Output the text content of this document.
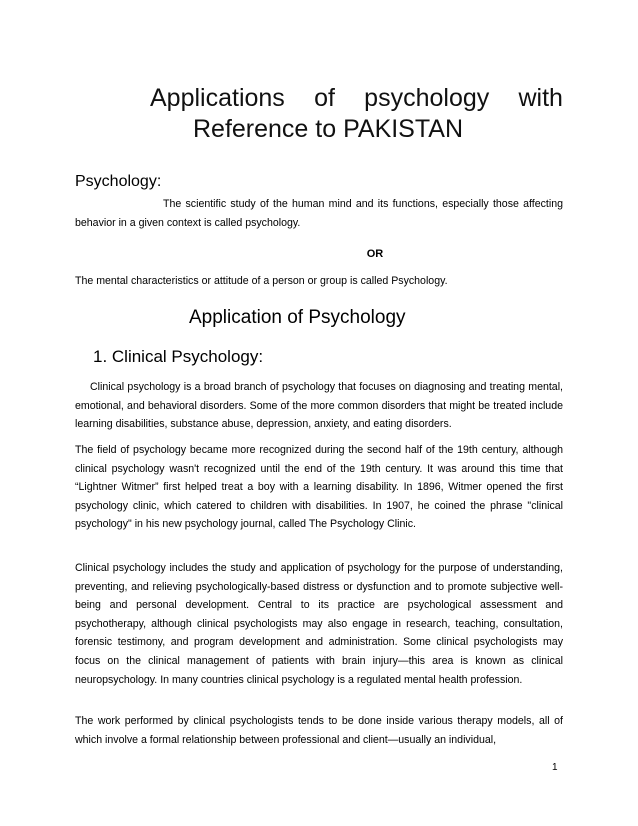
Applications of psychology with
Reference to PAKISTAN
Psychology:

The scientific study of the human mind and its functions, especially those affecting behavior in a given context is called psychology.

OR

The mental characteristics or attitude of a person or group is called Psychology.

Application of Psychology
1. Clinical Psychology:

Clinical psychology is a broad branch of psychology that focuses on diagnosing and treating mental, emotional, and behavioral disorders. Some of the more common disorders that might be treated include learning disabilities, substance abuse, depression, anxiety, and eating disorders.

The field of psychology became more recognized during the second half of the 19th century, although clinical psychology wasn't recognized until the end of the 19th century. It was around this time that “Lightner Witmer” first helped treat a boy with a learning disability. In 1896, Witmer opened the first psychology clinic, which catered to children with disabilities. In 1907, he coined the phrase "clinical psychology" in his new psychology journal, called The Psychology Clinic.

Clinical psychology includes the study and application of psychology for the purpose of understanding, preventing, and relieving psychologically-based distress or dysfunction and to promote subjective well-being and personal development. Central to its practice are psychological assessment and psychotherapy, although clinical psychologists may also engage in research, teaching, consultation, forensic testimony, and program development and administration. Some clinical psychologists may focus on the clinical management of patients with brain injury—this area is known as clinical neuropsychology. In many countries clinical psychology is a regulated mental health profession.

The work performed by clinical psychologists tends to be done inside various therapy models, all of which involve a formal relationship between professional and client—usually an individual,

1
